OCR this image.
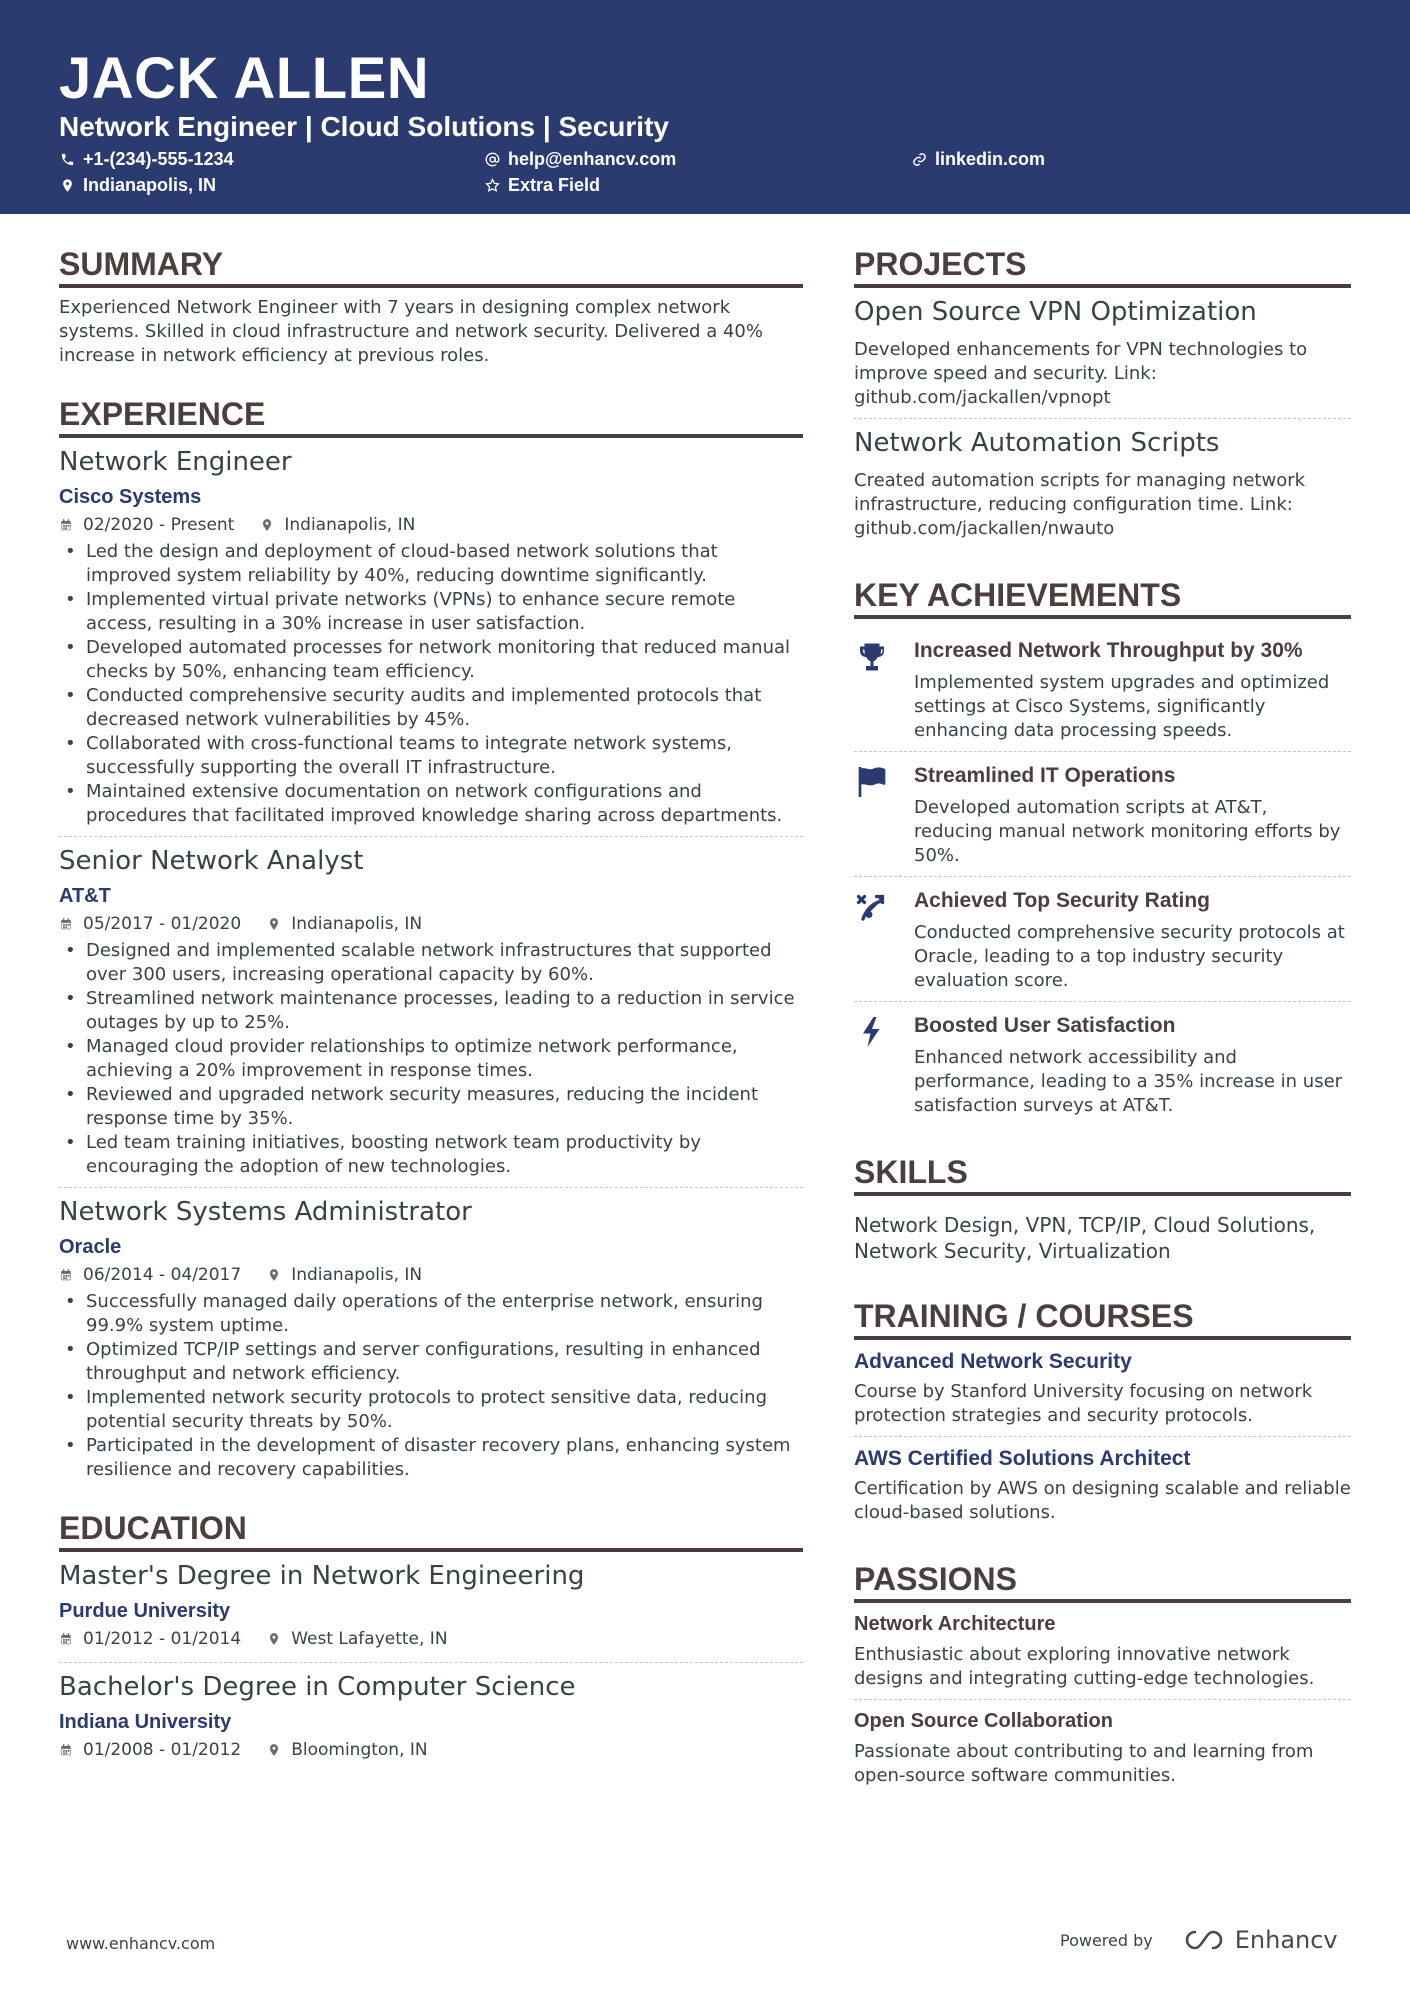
JACK ALLEN
Network Engineer | Cloud Solutions | Security
+1-(234)-555-1234	help@enhancv.com	linkedin.com
Indianapolis, IN	Extra Field
SUMMARY
Experienced Network Engineer with 7 years in designing complex network systems. Skilled in cloud infrastructure and network security. Delivered a 40% increase in network efficiency at previous roles.
EXPERIENCE
Network Engineer
Cisco Systems
02/2020 - Present	Indianapolis, IN
• Led the design and deployment of cloud-based network solutions that improved system reliability by 40%, reducing downtime significantly.
• Implemented virtual private networks (VPNs) to enhance secure remote access, resulting in a 30% increase in user satisfaction.
• Developed automated processes for network monitoring that reduced manual checks by 50%, enhancing team efficiency.
• Conducted comprehensive security audits and implemented protocols that decreased network vulnerabilities by 45%.
• Collaborated with cross-functional teams to integrate network systems, successfully supporting the overall IT infrastructure.
• Maintained extensive documentation on network configurations and procedures that facilitated improved knowledge sharing across departments.
Senior Network Analyst
AT&T
05/2017 - 01/2020	Indianapolis, IN
• Designed and implemented scalable network infrastructures that supported over 300 users, increasing operational capacity by 60%.
• Streamlined network maintenance processes, leading to a reduction in service outages by up to 25%.
• Managed cloud provider relationships to optimize network performance, achieving a 20% improvement in response times.
• Reviewed and upgraded network security measures, reducing the incident response time by 35%.
• Led team training initiatives, boosting network team productivity by encouraging the adoption of new technologies.
Network Systems Administrator
Oracle
06/2014 - 04/2017	Indianapolis, IN
• Successfully managed daily operations of the enterprise network, ensuring 99.9% system uptime.
• Optimized TCP/IP settings and server configurations, resulting in enhanced throughput and network efficiency.
• Implemented network security protocols to protect sensitive data, reducing potential security threats by 50%.
• Participated in the development of disaster recovery plans, enhancing system resilience and recovery capabilities.
EDUCATION
Master's Degree in Network Engineering
Purdue University
01/2012 - 01/2014	West Lafayette, IN
Bachelor's Degree in Computer Science
Indiana University
01/2008 - 01/2012	Bloomington, IN
PROJECTS
Open Source VPN Optimization
Developed enhancements for VPN technologies to improve speed and security. Link: github.com/jackallen/vpnopt
Network Automation Scripts
Created automation scripts for managing network infrastructure, reducing configuration time. Link: github.com/jackallen/nwauto
KEY ACHIEVEMENTS
Increased Network Throughput by 30%
Implemented system upgrades and optimized settings at Cisco Systems, significantly enhancing data processing speeds.
Streamlined IT Operations
Developed automation scripts at AT&T, reducing manual network monitoring efforts by 50%.
Achieved Top Security Rating
Conducted comprehensive security protocols at Oracle, leading to a top industry security evaluation score.
Boosted User Satisfaction
Enhanced network accessibility and performance, leading to a 35% increase in user satisfaction surveys at AT&T.
SKILLS
Network Design, VPN, TCP/IP, Cloud Solutions, Network Security, Virtualization
TRAINING / COURSES
Advanced Network Security
Course by Stanford University focusing on network protection strategies and security protocols.
AWS Certified Solutions Architect
Certification by AWS on designing scalable and reliable cloud-based solutions.
PASSIONS
Network Architecture
Enthusiastic about exploring innovative network designs and integrating cutting-edge technologies.
Open Source Collaboration
Passionate about contributing to and learning from open-source software communities.
www.enhancv.com	Powered by	Enhancv
